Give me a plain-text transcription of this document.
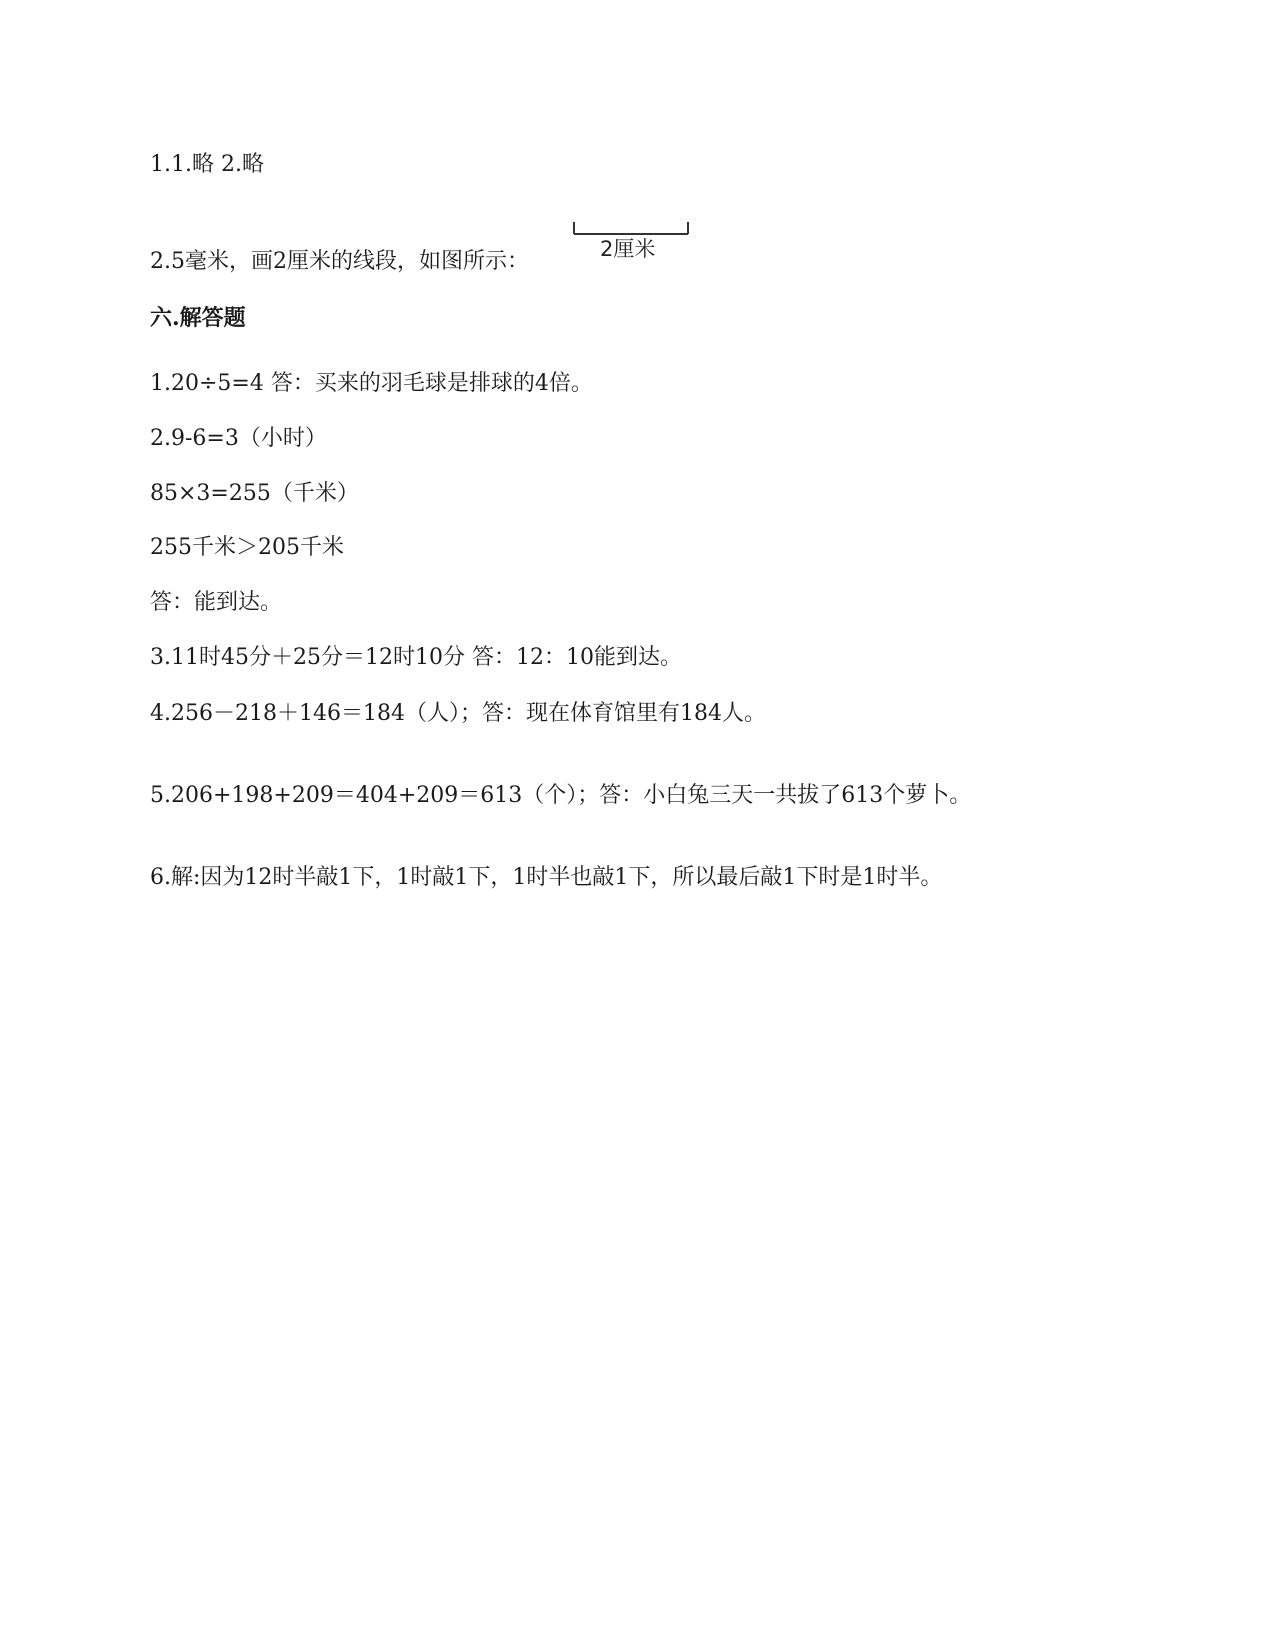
1.1.略 2.略
2.5毫米，画2厘米的线段，如图所示：	2厘米
六.解答题
1.20÷5=4 答：买来的羽毛球是排球的4倍。
2.9-6=3（小时）
85×3=255（千米）
255千米＞205千米
答：能到达。
3.11时45分＋25分＝12时10分 答：12：10能到达。
4.256－218＋146＝184（人）；答：现在体育馆里有184人。
5.206+198+209＝404+209＝613（个）；答：小白兔三天一共拔了613个萝卜。
6.解:因为12时半敲1下，1时敲1下，1时半也敲1下，所以最后敲1下时是1时半。
